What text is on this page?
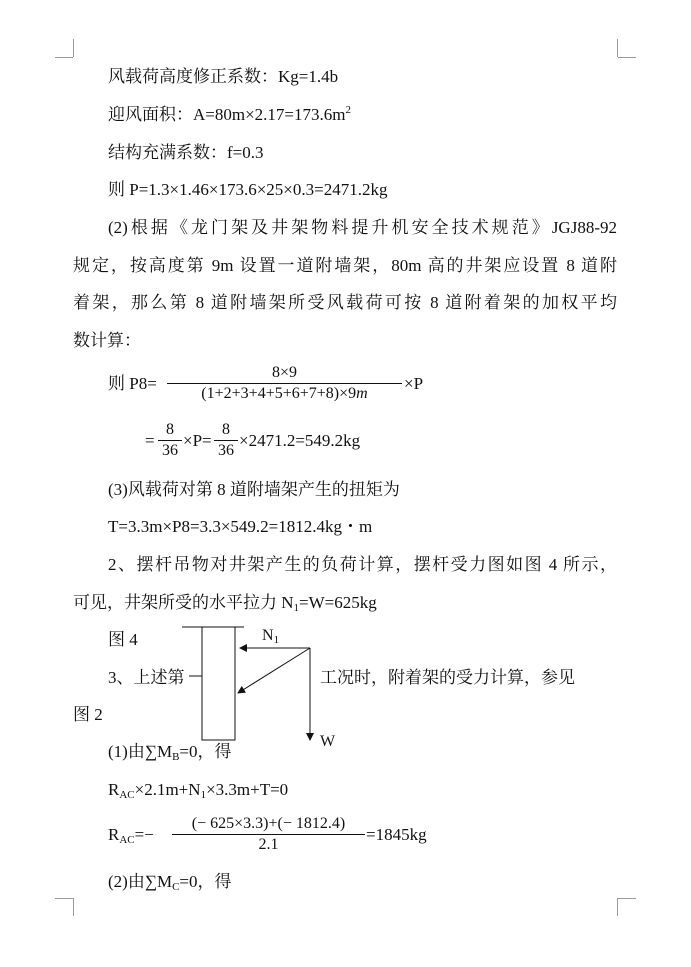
风载荷高度修正系数：Kg=1.4b
迎风面积：$A=80m\times 2.17=173.6m^2$
结构充满系数：f=0.3
则 P=1.3×1.46×173.6×25×0.3=2471.2kg
(2)根据《龙门架及井架物料提升机安全技术规范》JGJ88-92
规定，按高度第 9m 设置一道附墙架，80m 高的井架应设置 8 道附
着架，那么第 8 道附墙架所受风载荷可按 8 道附着架的加权平均
数计算：
则 P8=
8×9
(1+2+3+4+5+6+7+8)×9m
×P
=
8
36
×P=
8
36
×2471.2=549.2kg
(3)风载荷对第 8 道附墙架产生的扭矩为
T=3.3m×P8=3.3×549.2=1812.4kg・m
2、摆杆吊物对井架产生的负荷计算，摆杆受力图如图 4 所示，
可见，井架所受的水平拉力 $N_1=W=625kg$
图 4
3、上述第	工况时，附着架的受力计算，参见
图 2
$N_1$
W
(1)由$\sum M_B=0$，得
$R_{AC}\times 2.1m+N_1\times 3.3m+T=0$
$R_{AC}=-$
(− 625×3.3)+(− 1812.4)
2.1
=1845kg
(2)由$\sum M_C=0$，得
